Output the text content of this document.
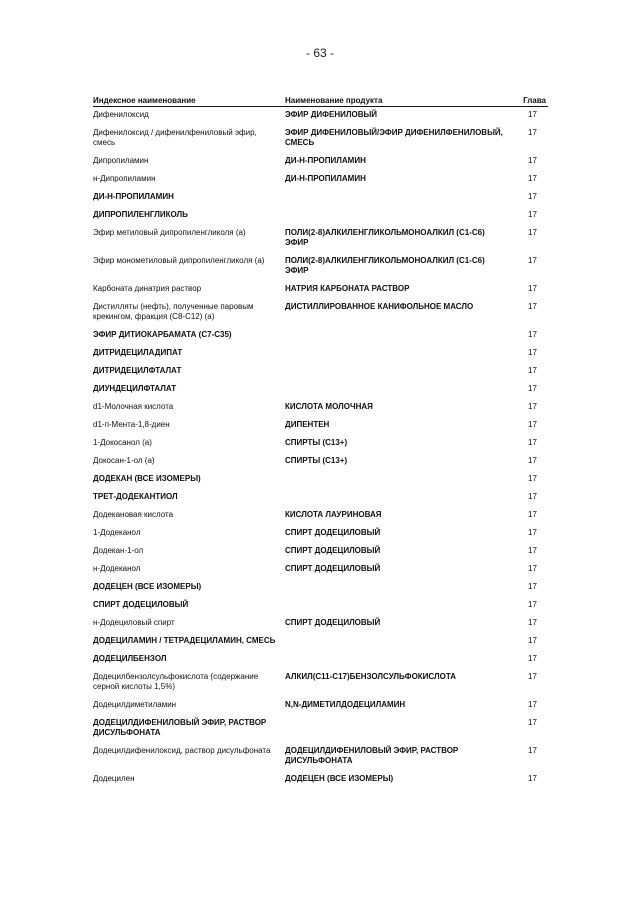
- 63 -
Индексное наименование	Наименование продукта	Глава
Дифенилоксид	ЭФИР ДИФЕНИЛОВЫЙ	17
Дифенилоксид / дифенилфениловый эфир, смесь	ЭФИР ДИФЕНИЛОВЫЙ/ЭФИР ДИФЕНИЛФЕНИЛОВЫЙ, СМЕСЬ	17
Дипропиламин	ДИ-Н-ПРОПИЛАМИН	17
н-Дипропиламин	ДИ-Н-ПРОПИЛАМИН	17
ДИ-Н-ПРОПИЛАМИН		17
ДИПРОПИЛЕНГЛИКОЛЬ		17
Эфир метиловый дипропиленгликоля (a)	ПОЛИ(2-8)АЛКИЛЕНГЛИКОЛЬМОНОАЛКИЛ (C1-C6) ЭФИР	17
Эфир монометиловый дипропиленгликоля (a)	ПОЛИ(2-8)АЛКИЛЕНГЛИКОЛЬМОНОАЛКИЛ (C1-C6) ЭФИР	17
Карбоната динатрия раствор	НАТРИЯ КАРБОНАТА РАСТВОР	17
Дистилляты (нефть), полученные паровым крекингом, фракция (C8-C12) (a)	ДИСТИЛЛИРОВАННОЕ КАНИФОЛЬНОЕ МАСЛО	17
ЭФИР ДИТИОКАРБАМАТА (C7-C35)		17
ДИТРИДЕЦИЛАДИПАТ		17
ДИТРИДЕЦИЛФТАЛАТ		17
ДИУНДЕЦИЛФТАЛАТ		17
d1-Молочная кислота	КИСЛОТА МОЛОЧНАЯ	17
d1-п-Мента-1,8-диен	ДИПЕНТЕН	17
1-Докосанол (a)	СПИРТЫ (C13+)	17
Докосан-1-ол (a)	СПИРТЫ (C13+)	17
ДОДЕКАН (ВСЕ ИЗОМЕРЫ)		17
ТРЕТ-ДОДЕКАНТИОЛ		17
Додекановая кислота	КИСЛОТА ЛАУРИНОВАЯ	17
1-Додеканол	СПИРТ ДОДЕЦИЛОВЫЙ	17
Додекан-1-ол	СПИРТ ДОДЕЦИЛОВЫЙ	17
н-Додеканол	СПИРТ ДОДЕЦИЛОВЫЙ	17
ДОДЕЦЕН (ВСЕ ИЗОМЕРЫ)		17
СПИРТ ДОДЕЦИЛОВЫЙ		17
н-Додециловый спирт	СПИРТ ДОДЕЦИЛОВЫЙ	17
ДОДЕЦИЛАМИН / ТЕТРАДЕЦИЛАМИН, СМЕСЬ		17
ДОДЕЦИЛБЕНЗОЛ		17
Додецилбензолсульфокислота (содержание серной кислоты 1,5%)	АЛКИЛ(C11-C17)БЕНЗОЛСУЛЬФОКИСЛОТА	17
Додецилдиметиламин	N,N-ДИМЕТИЛДОДЕЦИЛАМИН	17
ДОДЕЦИЛДИФЕНИЛОВЫЙ ЭФИР, РАСТВОР ДИСУЛЬФОНАТА		17
Додецилдифенилоксид, раствор дисульфоната	ДОДЕЦИЛДИФЕНИЛОВЫЙ ЭФИР, РАСТВОР ДИСУЛЬФОНАТА	17
Додецилен	ДОДЕЦЕН (ВСЕ ИЗОМЕРЫ)	17
